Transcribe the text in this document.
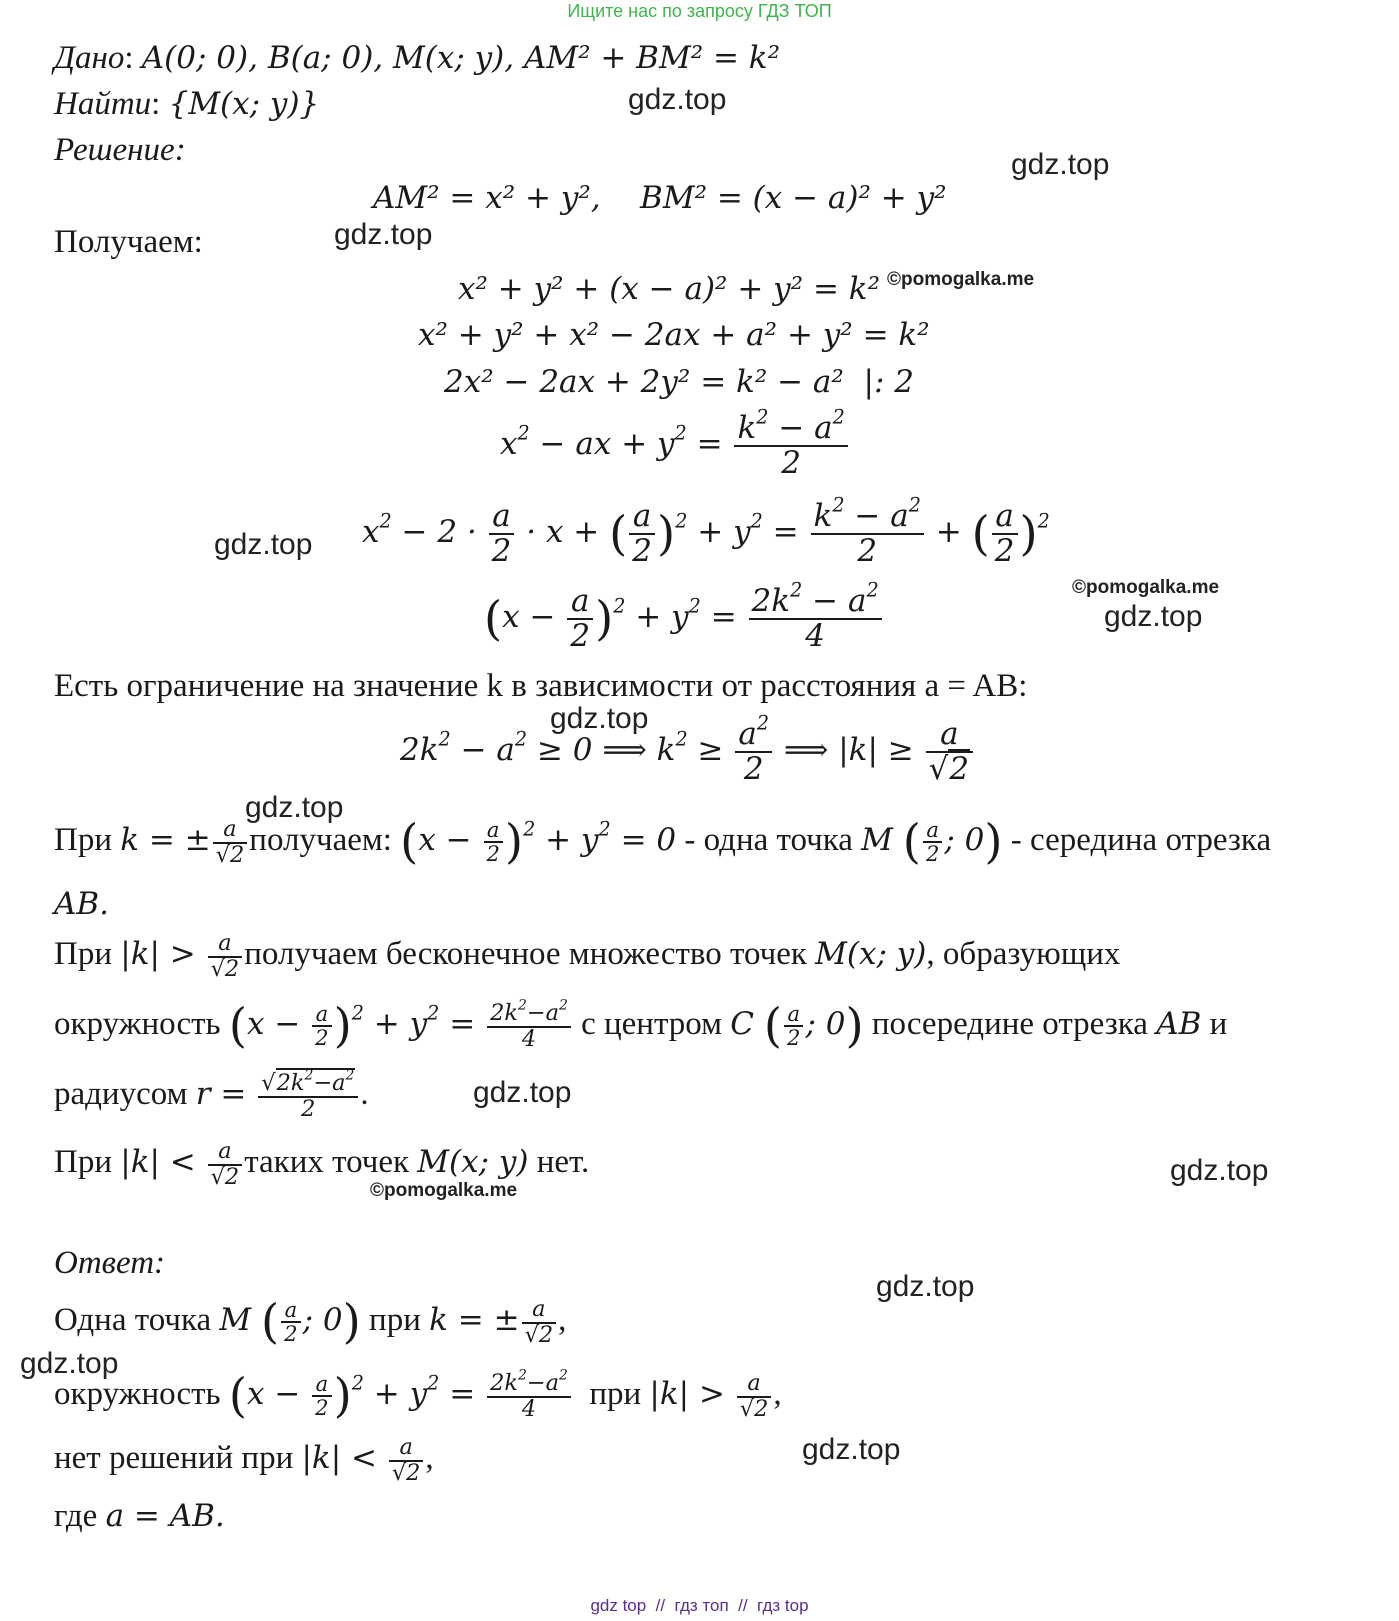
Ищите нас по запросу ГДЗ ТОП
Дано: A(0; 0), B(a; 0), M(x; y), AM² + BM² = k²
Найти: {M(x; y)}
Решение:
AM² = x² + y²,    BM² = (x − a)² + y²
Получаем:
x² + y² + (x − a)² + y² = k²
x² + y² + x² − 2ax + a² + y² = k²
2x² − 2ax + 2y² = k² − a²  |: 2
$x^2$ − ax + $y^2 = \frac{k^2 - a^2}{2}$
$x^2 - 2 \cdot \frac{a}{2} \cdot x$ + ( $\frac{a}{2} )^2 + y^2 = \frac{k^2 - a^2}{2}$ + ( $\frac{a}{2} )^2$
$(x - \frac{a}{2} )^2 + y^2 = \frac{2k^2 - a^2}{4}$
Есть ограничение на значение k в зависимости от расстояния a = AB:
$2k^2 - a^2 \ge 0$ ⟹ $k^2 \ge \frac{a^2}{2}$ ⟹ $|k| \ge \frac{a}{√2}$
При k = ± $\frac{a}{√2}$ получаем: $(x - \frac{a}{2} )^2 + y^2 = 0$ - одна точка M ( $\frac{a}{2}$ ; 0) - середина отрезка
AB.
При $|k| > \frac{a}{√2}$ получаем бесконечное множество точек M(x; y), образующих
окружность $(x - \frac{a}{2} )^2 + y^2 = \frac{2k^2-a^2}{4}$ с центром C ( $\frac{a}{2}$ ; 0) посередине отрезка AB и
радиусом $r = \frac{√2k^2-a^2}{2}$ .
При $|k| < \frac{a}{√2}$ таких точек M(x; y) нет.
Ответ:
Одна точка M ( $\frac{a}{2}$ ; 0) при k = ± $\frac{a}{√2}$ ,
окружность $(x - \frac{a}{2} )^2 + y^2 = \frac{2k^2-a^2}{4}$ при $|k| > \frac{a}{√2}$ ,
нет решений при $|k| < \frac{a}{√2}$ ,
где a = AB.
gdz.top
gdz.top
gdz.top
©pomogalka.me
gdz.top
©pomogalka.me
gdz.top
gdz.top
gdz.top
gdz.top
gdz.top
©pomogalka.me
gdz.top
gdz.top
gdz.top
gdz top  //  гдз топ  //  гдз top
